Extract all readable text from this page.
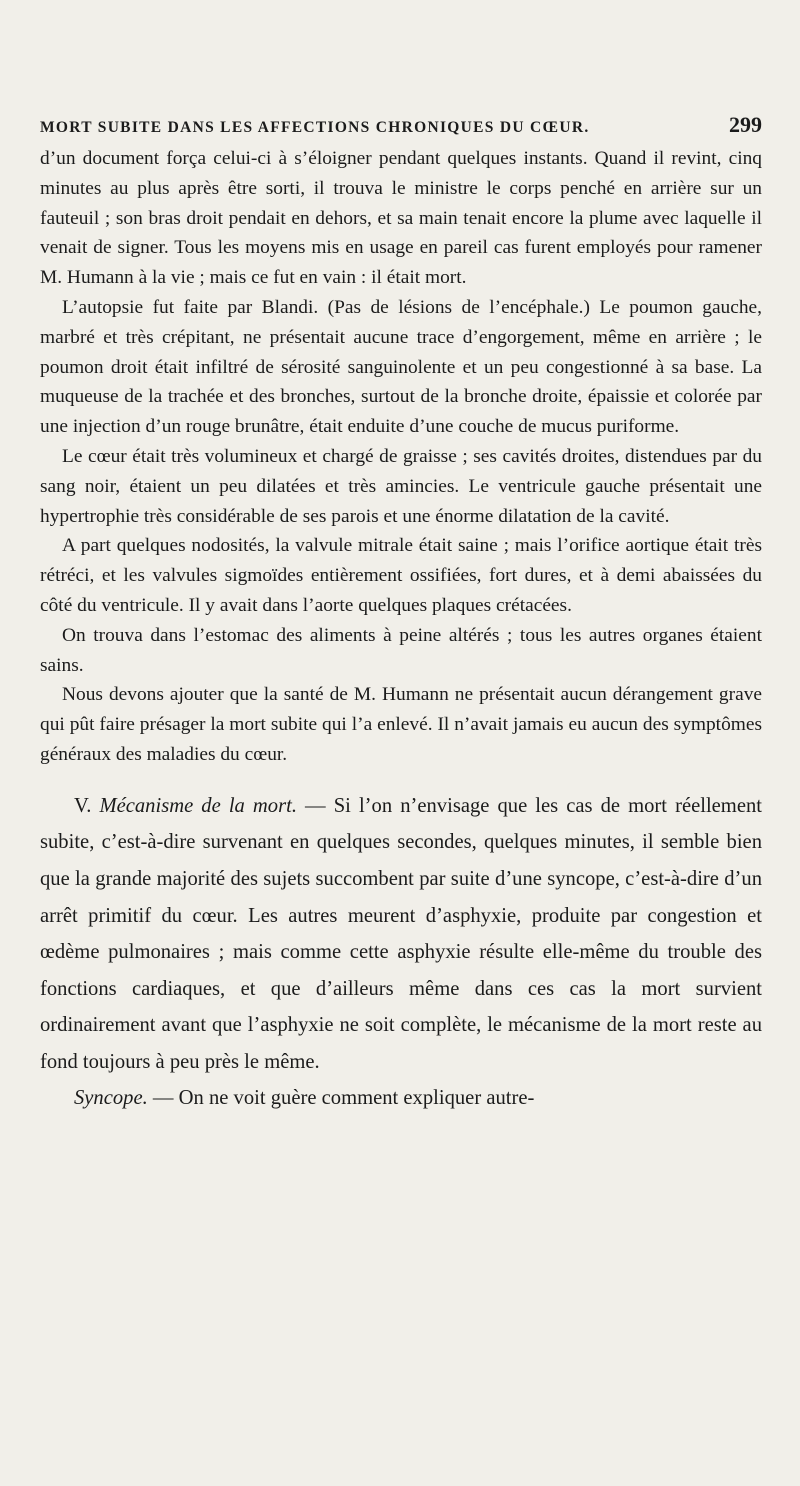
MORT SUBITE DANS LES AFFECTIONS CHRONIQUES DU CŒUR.	299

d’un document força celui-ci à s’éloigner pendant quelques instants. Quand il revint, cinq minutes au plus après être sorti, il trouva le ministre le corps penché en arrière sur un fauteuil ; son bras droit pendait en dehors, et sa main tenait encore la plume avec laquelle il venait de signer. Tous les moyens mis en usage en pareil cas furent employés pour ramener M. Humann à la vie ; mais ce fut en vain : il était mort.

L’autopsie fut faite par Blandi. (Pas de lésions de l’encéphale.) Le poumon gauche, marbré et très crépitant, ne présentait aucune trace d’engorgement, même en arrière ; le poumon droit était infiltré de sérosité sanguinolente et un peu congestionné à sa base. La muqueuse de la trachée et des bronches, surtout de la bronche droite, épaissie et colorée par une injection d’un rouge brunâtre, était enduite d’une couche de mucus puriforme.

Le cœur était très volumineux et chargé de graisse ; ses cavités droites, distendues par du sang noir, étaient un peu dilatées et très amincies. Le ventricule gauche présentait une hypertrophie très considérable de ses parois et une énorme dilatation de la cavité.

A part quelques nodosités, la valvule mitrale était saine ; mais l’orifice aortique était très rétréci, et les valvules sigmoïdes entièrement ossifiées, fort dures, et à demi abaissées du côté du ventricule. Il y avait dans l’aorte quelques plaques crétacées.

On trouva dans l’estomac des aliments à peine altérés ; tous les autres organes étaient sains.

Nous devons ajouter que la santé de M. Humann ne présentait aucun dérangement grave qui pût faire présager la mort subite qui l’a enlevé. Il n’avait jamais eu aucun des symptômes généraux des maladies du cœur.

V. Mécanisme de la mort. — Si l’on n’envisage que les cas de mort réellement subite, c’est-à-dire survenant en quelques secondes, quelques minutes, il semble bien que la grande majorité des sujets succombent par suite d’une syncope, c’est-à-dire d’un arrêt primitif du cœur. Les autres meurent d’asphyxie, produite par congestion et œdème pulmonaires ; mais comme cette asphyxie résulte elle-même du trouble des fonctions cardiaques, et que d’ailleurs même dans ces cas la mort survient ordinairement avant que l’asphyxie ne soit complète, le mécanisme de la mort reste au fond toujours à peu près le même.

Syncope. — On ne voit guère comment expliquer autre-
